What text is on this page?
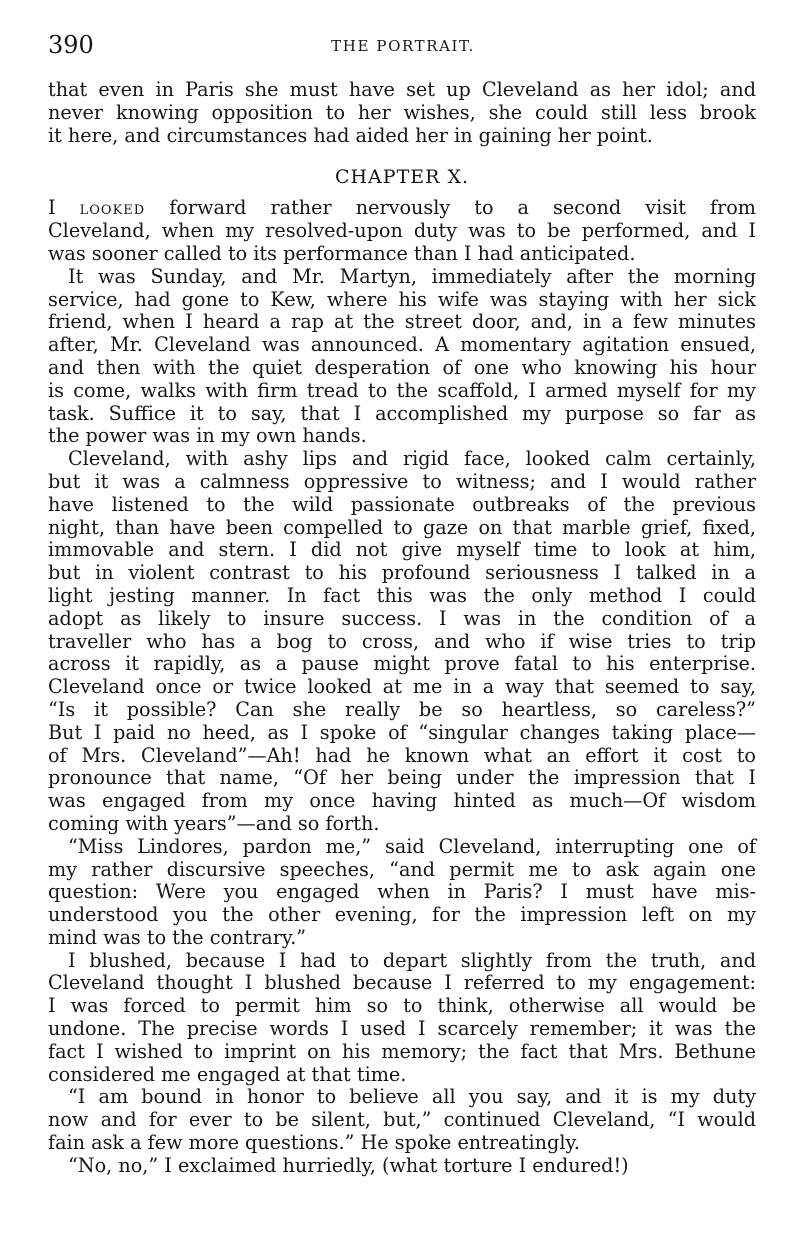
390	THE PORTRAIT.
that even in Paris she must have set up Cleveland as her idol; and
never knowing opposition to her wishes, she could still less brook
it here, and circumstances had aided her in gaining her point.
CHAPTER X.
I looked forward rather nervously to a second visit from
Cleveland, when my resolved-upon duty was to be performed, and I
was sooner called to its performance than I had anticipated.
It was Sunday, and Mr. Martyn, immediately after the morning
service, had gone to Kew, where his wife was staying with her sick
friend, when I heard a rap at the street door, and, in a few minutes
after, Mr. Cleveland was announced. A momentary agitation ensued,
and then with the quiet desperation of one who knowing his hour
is come, walks with firm tread to the scaffold, I armed myself for my
task. Suffice it to say, that I accomplished my purpose so far as
the power was in my own hands.
Cleveland, with ashy lips and rigid face, looked calm certainly,
but it was a calmness oppressive to witness; and I would rather
have listened to the wild passionate outbreaks of the previous
night, than have been compelled to gaze on that marble grief, fixed,
immovable and stern. I did not give myself time to look at him,
but in violent contrast to his profound seriousness I talked in a
light jesting manner. In fact this was the only method I could
adopt as likely to insure success. I was in the condition of a
traveller who has a bog to cross, and who if wise tries to trip
across it rapidly, as a pause might prove fatal to his enterprise.
Cleveland once or twice looked at me in a way that seemed to say,
“Is it possible? Can she really be so heartless, so careless?”
But I paid no heed, as I spoke of “singular changes taking place—
of Mrs. Cleveland”—Ah! had he known what an effort it cost to
pronounce that name, “Of her being under the impression that I
was engaged from my once having hinted as much—Of wisdom
coming with years”—and so forth.
“Miss Lindores, pardon me,” said Cleveland, interrupting one of
my rather discursive speeches, “and permit me to ask again one
question: Were you engaged when in Paris? I must have mis-
understood you the other evening, for the impression left on my
mind was to the contrary.”
I blushed, because I had to depart slightly from the truth, and
Cleveland thought I blushed because I referred to my engagement:
I was forced to permit him so to think, otherwise all would be
undone. The precise words I used I scarcely remember; it was the
fact I wished to imprint on his memory; the fact that Mrs. Bethune
considered me engaged at that time.
“I am bound in honor to believe all you say, and it is my duty
now and for ever to be silent, but,” continued Cleveland, “I would
fain ask a few more questions.” He spoke entreatingly.
“No, no,” I exclaimed hurriedly, (what torture I endured!)
